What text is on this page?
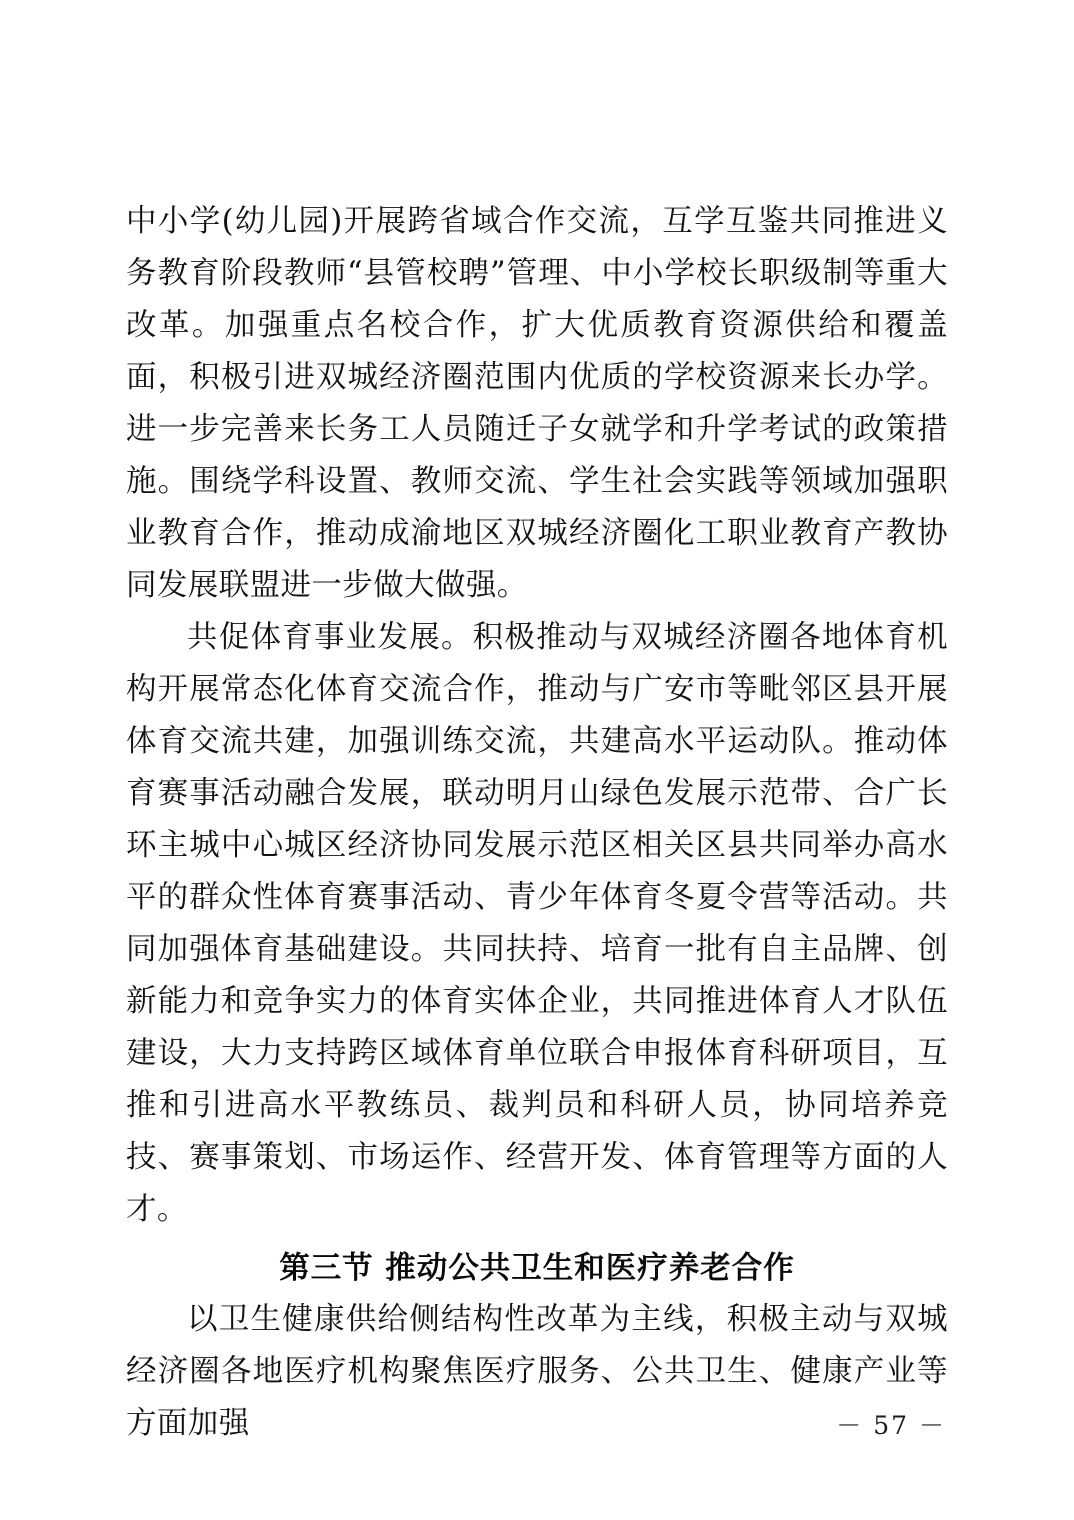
中小学(幼儿园)开展跨省域合作交流，互学互鉴共同推进义务教育阶段教师“县管校聘”管理、中小学校长职级制等重大改革。加强重点名校合作，扩大优质教育资源供给和覆盖面，积极引进双城经济圈范围内优质的学校资源来长办学。进一步完善来长务工人员随迁子女就学和升学考试的政策措施。围绕学科设置、教师交流、学生社会实践等领域加强职业教育合作，推动成渝地区双城经济圈化工职业教育产教协同发展联盟进一步做大做强。

共促体育事业发展。积极推动与双城经济圈各地体育机构开展常态化体育交流合作，推动与广安市等毗邻区县开展体育交流共建，加强训练交流，共建高水平运动队。推动体育赛事活动融合发展，联动明月山绿色发展示范带、合广长环主城中心城区经济协同发展示范区相关区县共同举办高水平的群众性体育赛事活动、青少年体育冬夏令营等活动。共同加强体育基础建设。共同扶持、培育一批有自主品牌、创新能力和竞争实力的体育实体企业，共同推进体育人才队伍建设，大力支持跨区域体育单位联合申报体育科研项目，互推和引进高水平教练员、裁判员和科研人员，协同培养竞技、赛事策划、市场运作、经营开发、体育管理等方面的人才。

第三节 推动公共卫生和医疗养老合作

以卫生健康供给侧结构性改革为主线，积极主动与双城经济圈各地医疗机构聚焦医疗服务、公共卫生、健康产业等方面加强	－ 57 －
